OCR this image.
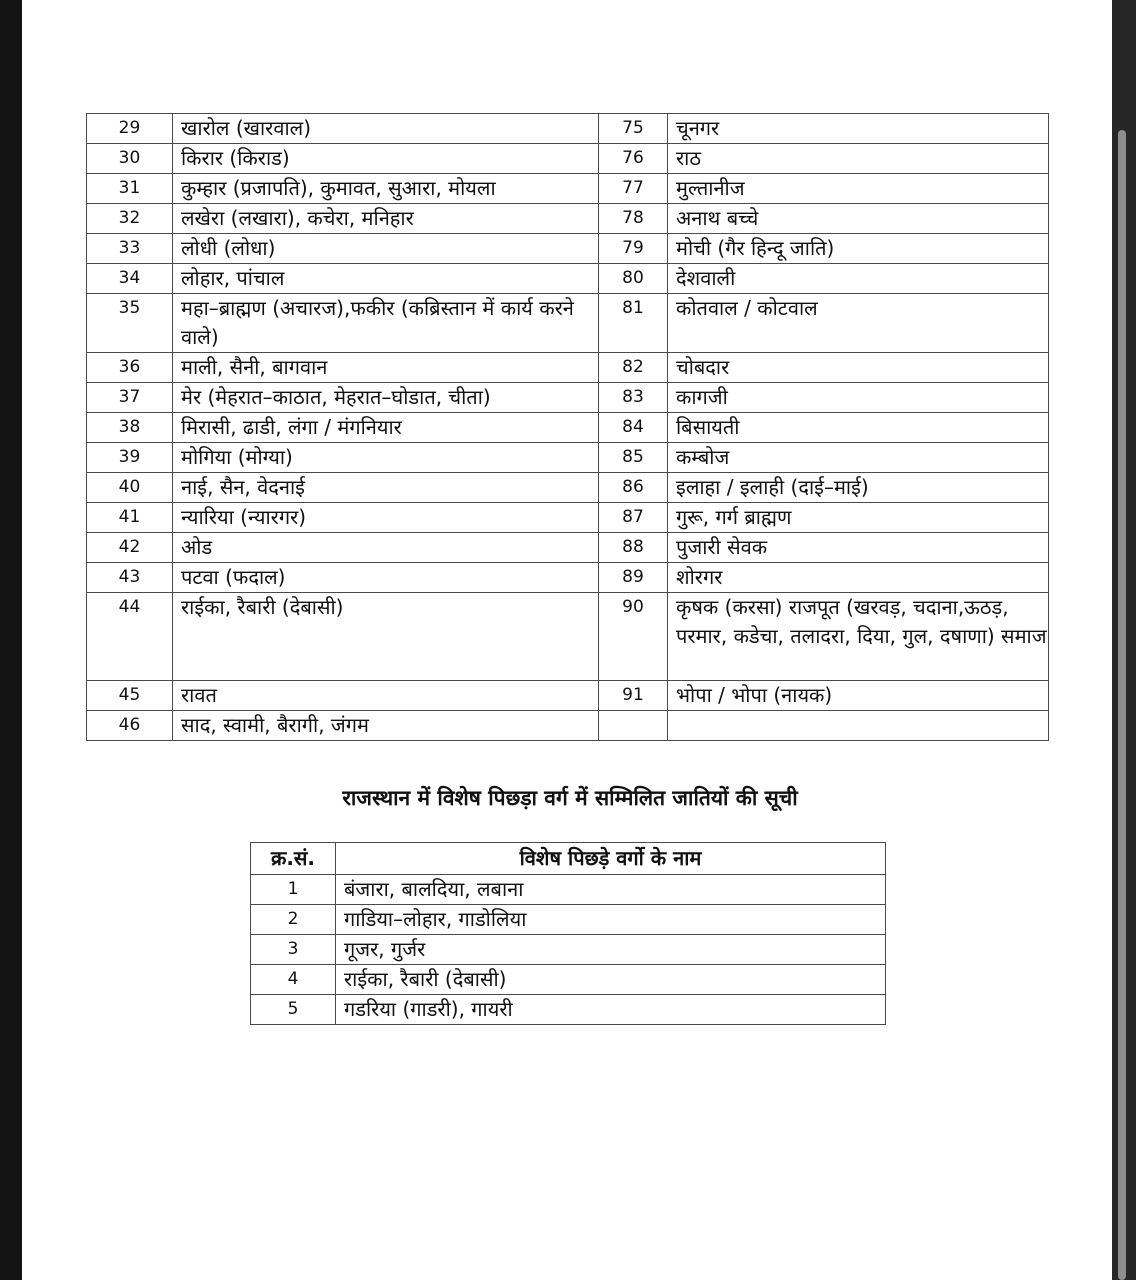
29	खारोल (खारवाल)	75	चूनगर
30	किरार (किराड)	76	राठ
31	कुम्हार (प्रजापति), कुमावत, सुआरा, मोयला	77	मुल्तानीज
32	लखेरा (लखारा), कचेरा, मनिहार	78	अनाथ बच्चे
33	लोधी (लोधा)	79	मोची (गैर हिन्दू जाति)
34	लोहार, पांचाल	80	देशवाली
35	महा–ब्राह्मण (अचारज),फकीर (कब्रिस्तान में कार्य करने वाले)	81	कोतवाल / कोटवाल
36	माली, सैनी, बागवान	82	चोबदार
37	मेर (मेहरात–काठात, मेहरात–घोडात, चीता)	83	कागजी
38	मिरासी, ढाडी, लंगा / मंगनियार	84	बिसायती
39	मोगिया (मोग्या)	85	कम्बोज
40	नाई, सैन, वेदनाई	86	इलाहा / इलाही (दाई–माई)
41	न्यारिया (न्यारगर)	87	गुरू, गर्ग ब्राह्मण
42	ओड	88	पुजारी सेवक
43	पटवा (फदाल)	89	शोरगर
44	राईका, रैबारी (देबासी)	90	कृषक (करसा) राजपूत (खरवड़, चदाना,ऊठड़, परमार, कडेचा, तलादरा, दिया, गुल, दषाणा) समाज
45	रावत	91	भोपा / भोपा (नायक)
46	साद, स्वामी, बैरागी, जंगम		
राजस्थान में विशेष पिछड़ा वर्ग में सम्मिलित जातियों की सूची
क्र.सं.	विशेष पिछड़े वर्गो के नाम
1	बंजारा, बालदिया, लबाना
2	गाडिया–लोहार, गाडोलिया
3	गूजर, गुर्जर
4	राईका, रैबारी (देबासी)
5	गडरिया (गाडरी), गायरी
